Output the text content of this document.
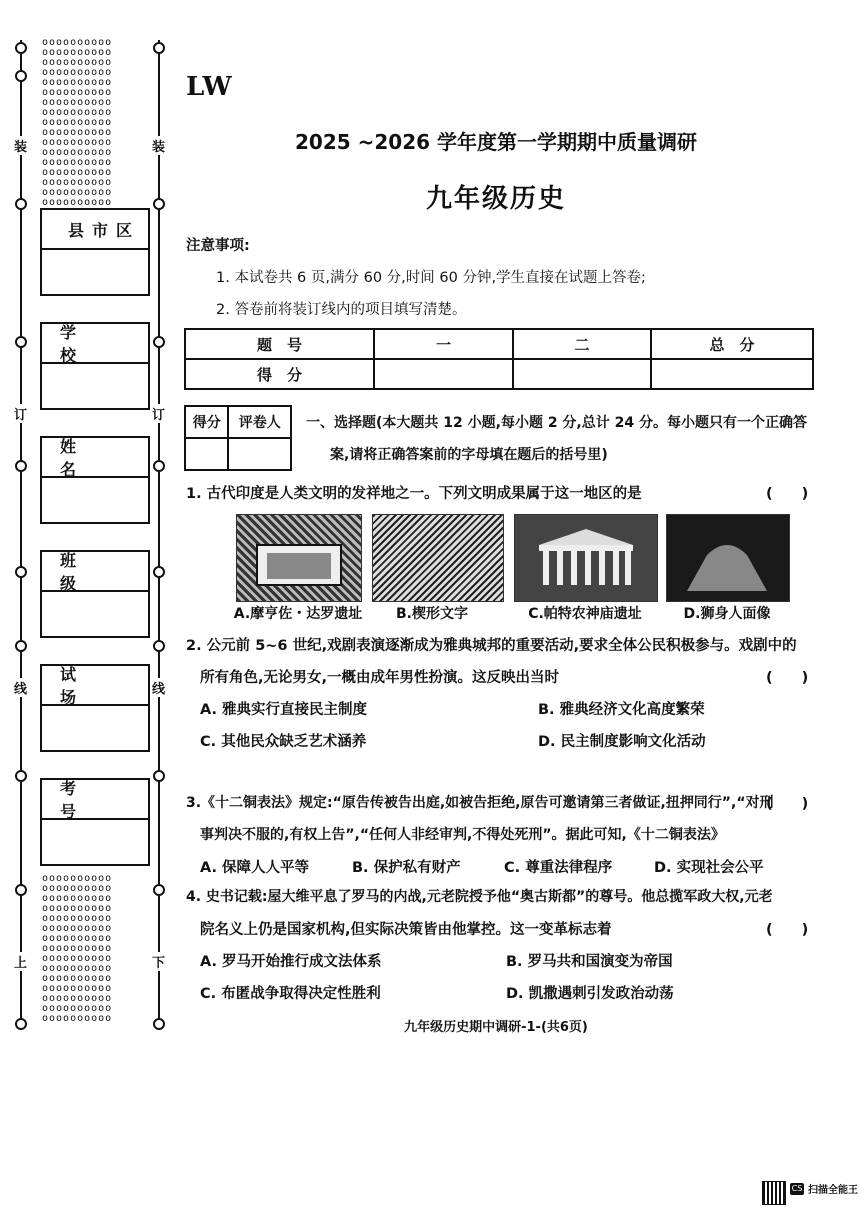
装
订
线
上
装
订
线
下
oooooooooo
oooooooooo
oooooooooo
oooooooooo
oooooooooo
oooooooooo
oooooooooo
oooooooooo
oooooooooo
oooooooooo
oooooooooo
oooooooooo
oooooooooo
oooooooooo
oooooooooo
oooooooooo
oooooooooo

oooooooooo
oooooooooo
oooooooooo
oooooooooo
oooooooooo
oooooooooo
oooooooooo
oooooooooo
oooooooooo
oooooooooo
oooooooooo
oooooooooo
oooooooooo
oooooooooo
oooooooooo
县市区
学 校
姓 名
班 级
试 场
考 号
LW
2025 ~2026 学年度第一学期期中质量调研
九年级历史
注意事项:
1. 本试卷共 6 页,满分 60 分,时间 60 分钟,学生直接在试题上答卷;
2. 答卷前将装订线内的项目填写清楚。
题　号	一	二	总　分
得　分			
得分	评卷人
	一、选择题(本大题共 12 小题,每小题 2 分,总计 24 分。每小题只有一个正确答
案,请将正确答案前的字母填在题后的括号里)
1. 古代印度是人类文明的发祥地之一。下列文明成果属于这一地区的是	(　　)
A.摩亨佐・达罗遗址	B.楔形文字	C.帕特农神庙遗址	D.狮身人面像
2. 公元前 5~6 世纪,戏剧表演逐渐成为雅典城邦的重要活动,要求全体公民积极参与。戏剧中的
所有角色,无论男女,一概由成年男性扮演。这反映出当时	(　　)
A. 雅典实行直接民主制度	B. 雅典经济文化高度繁荣
C. 其他民众缺乏艺术涵养	D. 民主制度影响文化活动
3.《十二铜表法》规定:“原告传被告出庭,如被告拒绝,原告可邀请第三者做证,扭押同行”,“对刑
事判决不服的,有权上告”,“任何人非经审判,不得处死刑”。据此可知,《十二铜表法》
(　　)
A. 保障人人平等	B. 保护私有财产	C. 尊重法律程序	D. 实现社会公平
4. 史书记载:屋大维平息了罗马的内战,元老院授予他“奥古斯都”的尊号。他总揽军政大权,元老
院名义上仍是国家机构,但实际决策皆由他掌控。这一变革标志着	(　　)
A. 罗马开始推行成文法体系	B. 罗马共和国演变为帝国
C. 布匿战争取得决定性胜利	D. 凯撒遇刺引发政治动荡
九年级历史期中调研-1-(共6页)
CS 扫描全能王
